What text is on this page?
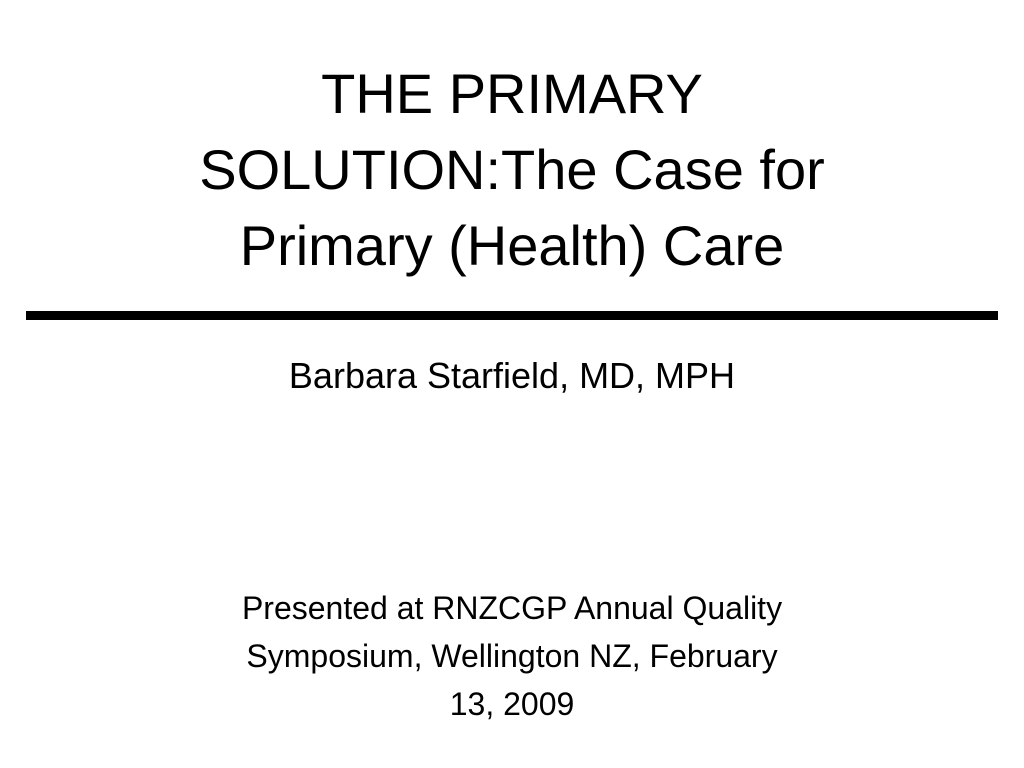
THE PRIMARY
SOLUTION:The Case for
Primary (Health) Care

Barbara Starfield, MD, MPH

Presented at RNZCGP Annual Quality
Symposium, Wellington NZ, February
13, 2009
